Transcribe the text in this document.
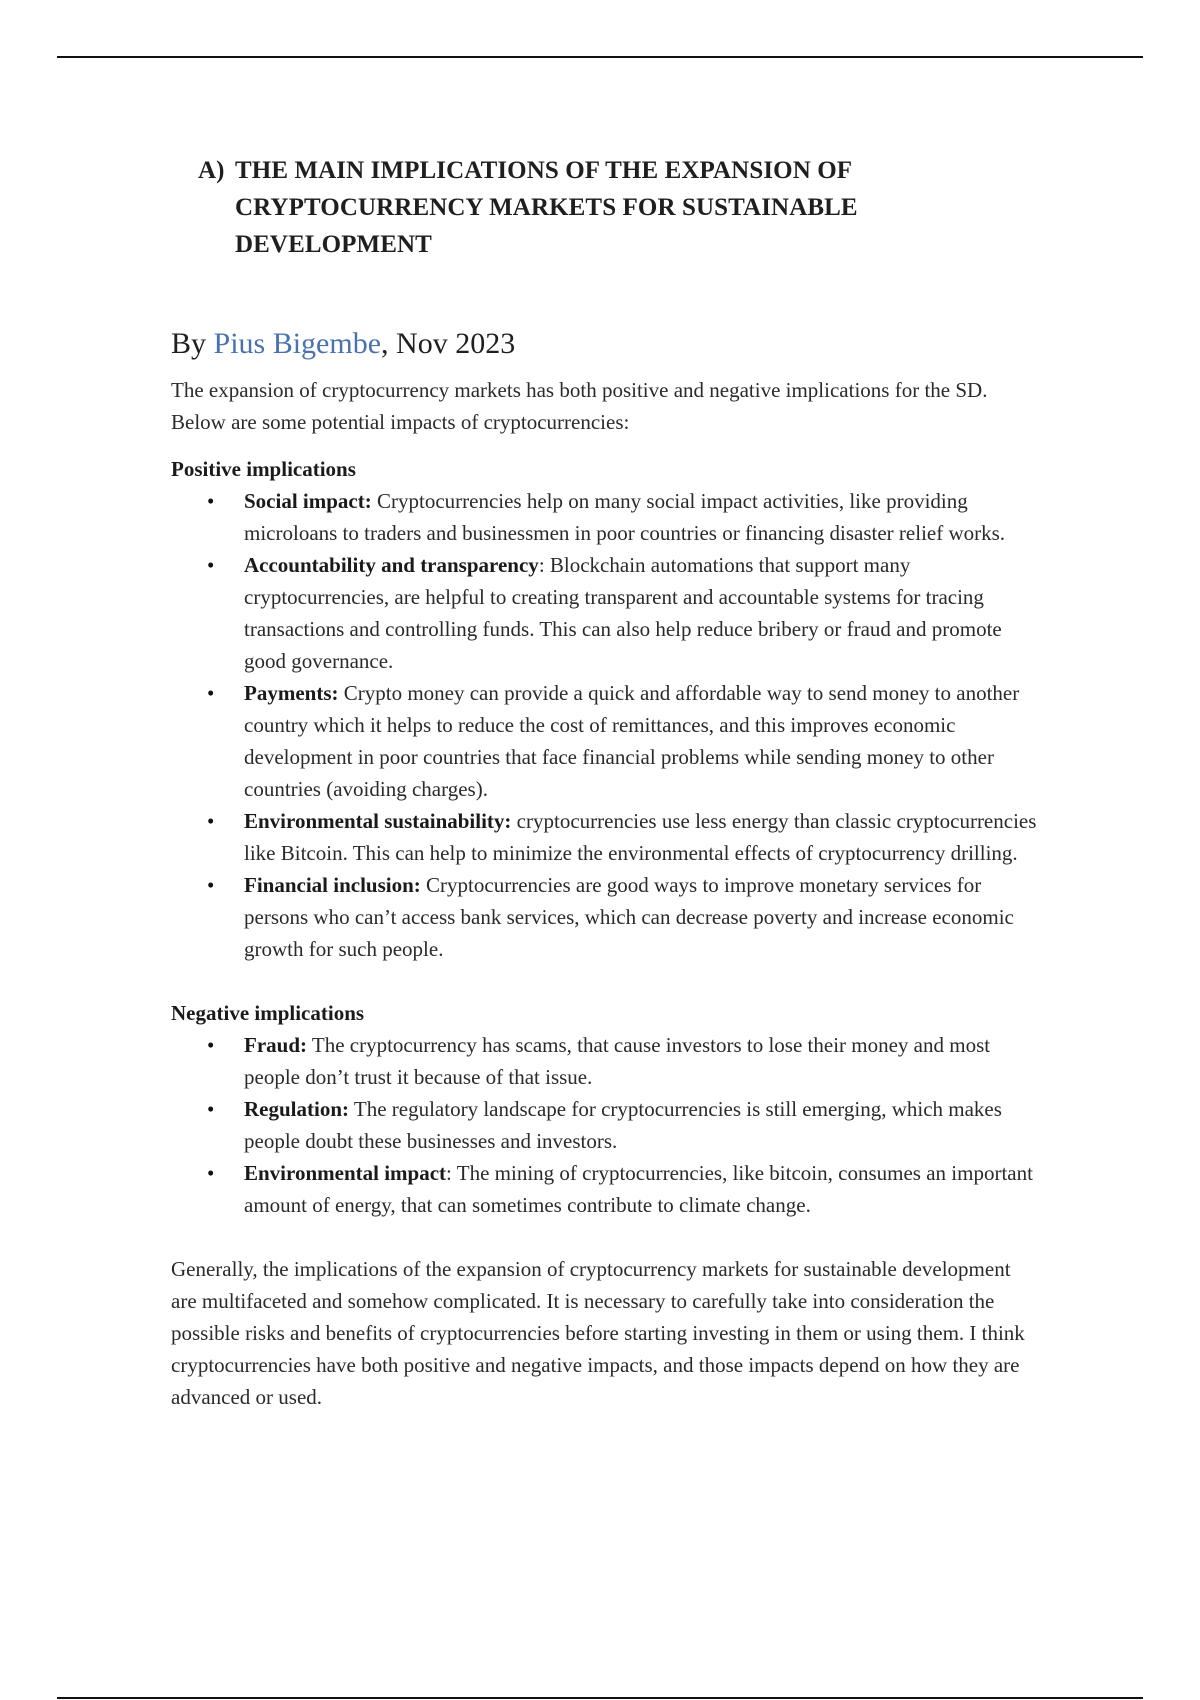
A) THE MAIN IMPLICATIONS OF THE EXPANSION OF CRYPTOCURRENCY MARKETS FOR SUSTAINABLE DEVELOPMENT

By Pius Bigembe, Nov 2023

The expansion of cryptocurrency markets has both positive and negative implications for the SD. Below are some potential impacts of cryptocurrencies:

Positive implications

• Social impact: Cryptocurrencies help on many social impact activities, like providing microloans to traders and businessmen in poor countries or financing disaster relief works.
• Accountability and transparency: Blockchain automations that support many cryptocurrencies, are helpful to creating transparent and accountable systems for tracing transactions and controlling funds. This can also help reduce bribery or fraud and promote good governance.
• Payments: Crypto money can provide a quick and affordable way to send money to another country which it helps to reduce the cost of remittances, and this improves economic development in poor countries that face financial problems while sending money to other countries (avoiding charges).
• Environmental sustainability: cryptocurrencies use less energy than classic cryptocurrencies like Bitcoin. This can help to minimize the environmental effects of cryptocurrency drilling.
• Financial inclusion: Cryptocurrencies are good ways to improve monetary services for persons who can’t access bank services, which can decrease poverty and increase economic growth for such people.

Negative implications

• Fraud: The cryptocurrency has scams, that cause investors to lose their money and most people don’t trust it because of that issue.
• Regulation: The regulatory landscape for cryptocurrencies is still emerging, which makes people doubt these businesses and investors.
• Environmental impact: The mining of cryptocurrencies, like bitcoin, consumes an important amount of energy, that can sometimes contribute to climate change.

Generally, the implications of the expansion of cryptocurrency markets for sustainable development are multifaceted and somehow complicated. It is necessary to carefully take into consideration the possible risks and benefits of cryptocurrencies before starting investing in them or using them. I think cryptocurrencies have both positive and negative impacts, and those impacts depend on how they are advanced or used.
